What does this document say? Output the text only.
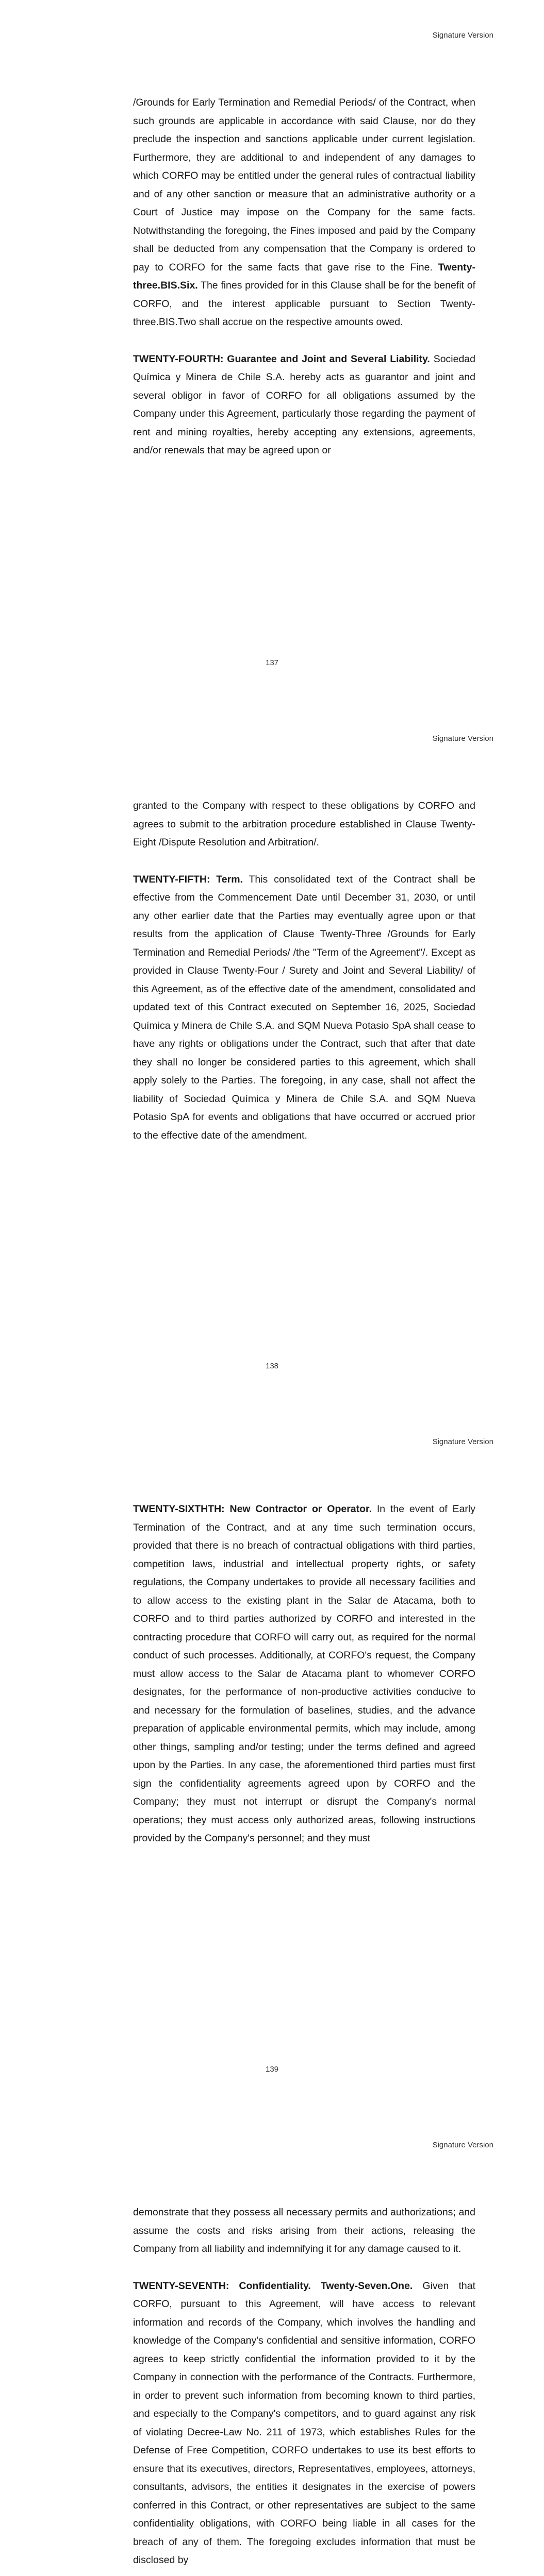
Signature Version

/Grounds for Early Termination and Remedial Periods/ of the Contract, when such grounds are applicable in accordance with said Clause, nor do they preclude the inspection and sanctions applicable under current legislation. Furthermore, they are additional to and independent of any damages to which CORFO may be entitled under the general rules of contractual liability and of any other sanction or measure that an administrative authority or a Court of Justice may impose on the Company for the same facts. Notwithstanding the foregoing, the Fines imposed and paid by the Company shall be deducted from any compensation that the Company is ordered to pay to CORFO for the same facts that gave rise to the Fine. Twenty-three.BIS.Six. The fines provided for in this Clause shall be for the benefit of CORFO, and the interest applicable pursuant to Section Twenty-three.BIS.Two shall accrue on the respective amounts owed.

TWENTY-FOURTH: Guarantee and Joint and Several Liability. Sociedad Química y Minera de Chile S.A. hereby acts as guarantor and joint and several obligor in favor of CORFO for all obligations assumed by the Company under this Agreement, particularly those regarding the payment of rent and mining royalties, hereby accepting any extensions, agreements, and/or renewals that may be agreed upon or

137
Signature Version

granted to the Company with respect to these obligations by CORFO and agrees to submit to the arbitration procedure established in Clause Twenty-Eight /Dispute Resolution and Arbitration/.

TWENTY-FIFTH: Term. This consolidated text of the Contract shall be effective from the Commencement Date until December 31, 2030, or until any other earlier date that the Parties may eventually agree upon or that results from the application of Clause Twenty-Three /Grounds for Early Termination and Remedial Periods/ /the "Term of the Agreement"/. Except as provided in Clause Twenty-Four / Surety and Joint and Several Liability/ of this Agreement, as of the effective date of the amendment, consolidated and updated text of this Contract executed on September 16, 2025, Sociedad Química y Minera de Chile S.A. and SQM Nueva Potasio SpA shall cease to have any rights or obligations under the Contract, such that after that date they shall no longer be considered parties to this agreement, which shall apply solely to the Parties. The foregoing, in any case, shall not affect the liability of Sociedad Química y Minera de Chile S.A. and SQM Nueva Potasio SpA for events and obligations that have occurred or accrued prior to the effective date of the amendment.

138
Signature Version

TWENTY-SIXTHTH: New Contractor or Operator. In the event of Early Termination of the Contract, and at any time such termination occurs, provided that there is no breach of contractual obligations with third parties, competition laws, industrial and intellectual property rights, or safety regulations, the Company undertakes to provide all necessary facilities and to allow access to the existing plant in the Salar de Atacama, both to CORFO and to third parties authorized by CORFO and interested in the contracting procedure that CORFO will carry out, as required for the normal conduct of such processes. Additionally, at CORFO's request, the Company must allow access to the Salar de Atacama plant to whomever CORFO designates, for the performance of non-productive activities conducive to and necessary for the formulation of baselines, studies, and the advance preparation of applicable environmental permits, which may include, among other things, sampling and/or testing; under the terms defined and agreed upon by the Parties. In any case, the aforementioned third parties must first sign the confidentiality agreements agreed upon by CORFO and the Company; they must not interrupt or disrupt the Company's normal operations; they must access only authorized areas, following instructions provided by the Company's personnel; and they must

139
Signature Version

demonstrate that they possess all necessary permits and authorizations; and assume the costs and risks arising from their actions, releasing the Company from all liability and indemnifying it for any damage caused to it.

TWENTY-SEVENTH: Confidentiality. Twenty-Seven.One. Given that CORFO, pursuant to this Agreement, will have access to relevant information and records of the Company, which involves the handling and knowledge of the Company's confidential and sensitive information, CORFO agrees to keep strictly confidential the information provided to it by the Company in connection with the performance of the Contracts. Furthermore, in order to prevent such information from becoming known to third parties, and especially to the Company's competitors, and to guard against any risk of violating Decree-Law No. 211 of 1973, which establishes Rules for the Defense of Free Competition, CORFO undertakes to use its best efforts to ensure that its executives, directors, Representatives, employees, attorneys, consultants, advisors, the entities it designates in the exercise of powers conferred in this Contract, or other representatives are subject to the same confidentiality obligations, with CORFO being liable in all cases for the breach of any of them. The foregoing excludes information that must be disclosed by
